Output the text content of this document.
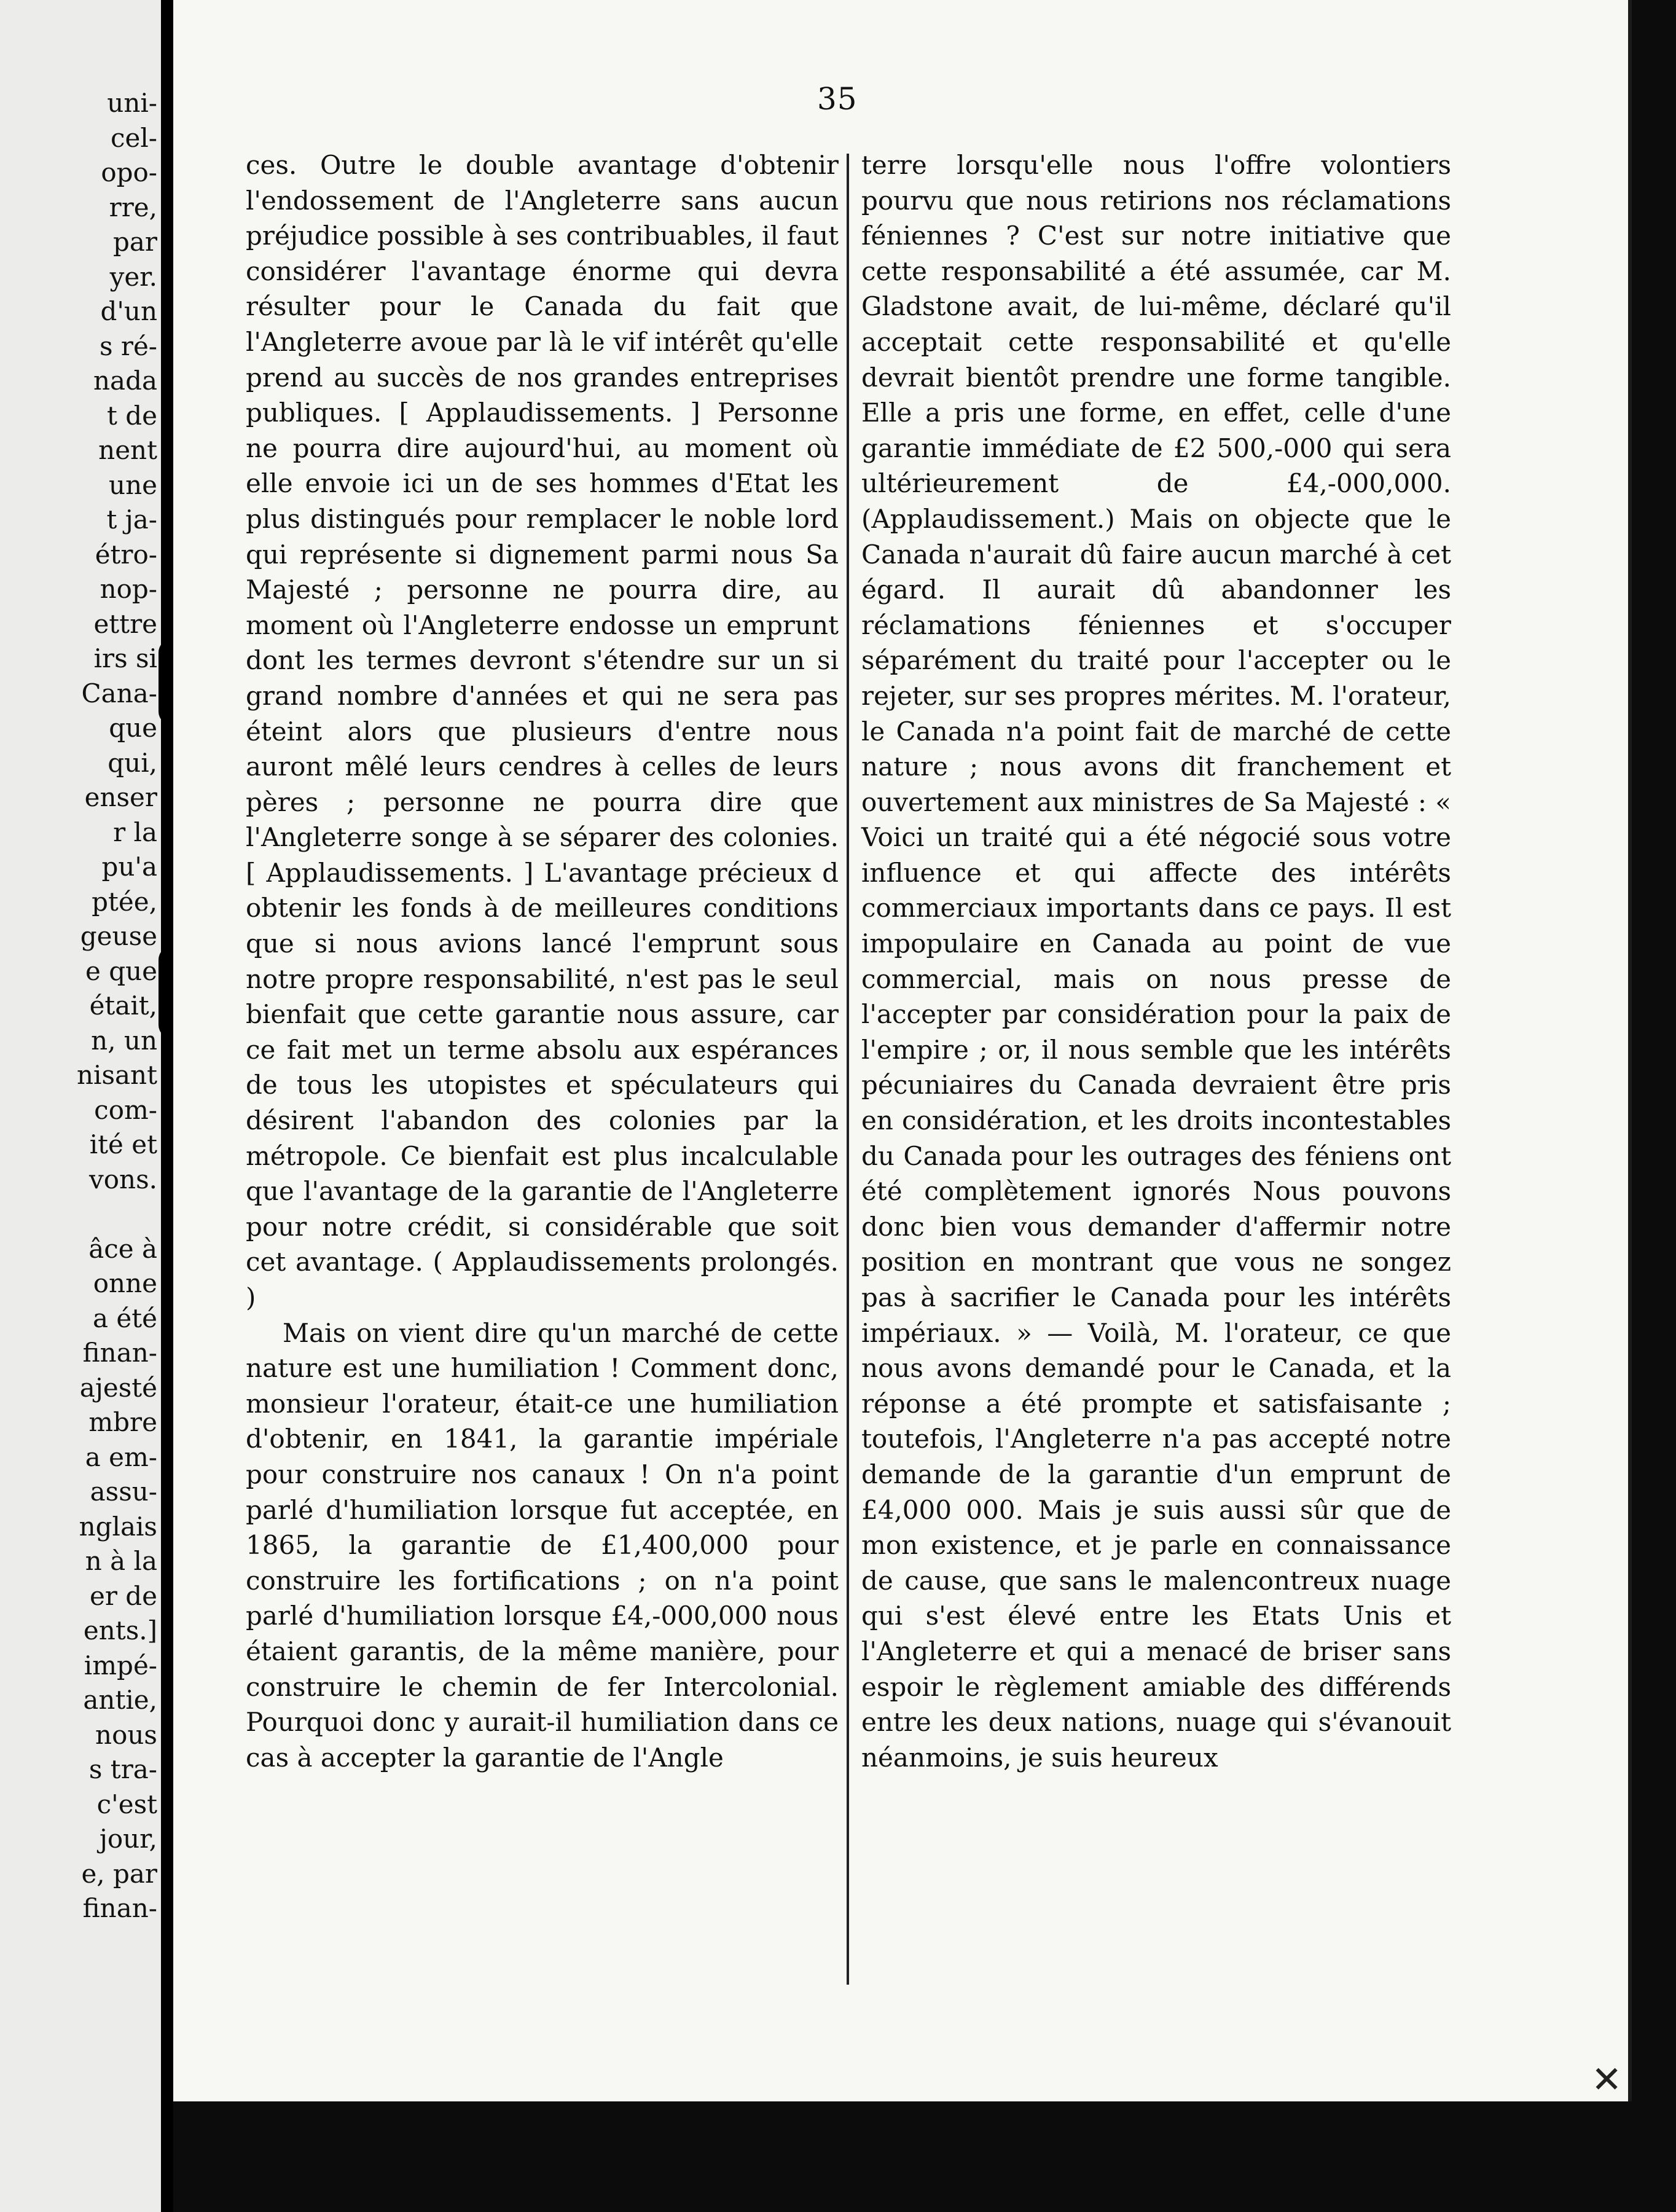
uni-
cel-
opo-
rre,
par
yer.
d'un
s ré-
nada
t de
nent
une
t ja-
étro-
nop-
ettre
irs si
Cana-
que
qui,
enser
r la
pu'a
ptée,
geuse
e que
était,
n, un
nisant
com-
ité et
vons.

âce à
onne
a été
finan-
ajesté
mbre
a em-
assu-
nglais
n à la
er de
ents.]
impé-
antie,
nous
s tra-
c'est
jour,
e, par
finan-
35

ces. Outre le double avantage d'obtenir l'endossement de l'Angleterre sans aucun préjudice possible à ses contribuables, il faut considérer l'avantage énorme qui devra résulter pour le Canada du fait que l'Angleterre avoue par là le vif intérêt qu'elle prend au succès de nos grandes entreprises publiques. [ Applaudissements. ] Personne ne pourra dire aujourd'hui, au moment où elle envoie ici un de ses hommes d'Etat les plus distingués pour remplacer le noble lord qui représente si dignement parmi nous Sa Majesté ; personne ne pourra dire, au moment où l'Angleterre endosse un emprunt dont les termes devront s'étendre sur un si grand nombre d'années et qui ne sera pas éteint alors que plusieurs d'entre nous auront mêlé leurs cendres à celles de leurs pères ; personne ne pourra dire que l'Angleterre songe à se séparer des colonies. [ Applaudissements. ] L'avantage précieux d obtenir les fonds à de meilleures conditions que si nous avions lancé l'emprunt sous notre propre responsabilité, n'est pas le seul bienfait que cette garantie nous assure, car ce fait met un terme absolu aux espérances de tous les utopistes et spéculateurs qui désirent l'abandon des colonies par la métropole. Ce bienfait est plus incalculable que l'avantage de la garantie de l'Angleterre pour notre crédit, si considérable que soit cet avantage. ( Applaudissements prolongés. )

Mais on vient dire qu'un marché de cette nature est une humiliation ! Comment donc, monsieur l'orateur, était-ce une humiliation d'obtenir, en 1841, la garantie impériale pour construire nos canaux ! On n'a point parlé d'humiliation lorsque fut acceptée, en 1865, la garantie de £1,400,000 pour construire les fortifications ; on n'a point parlé d'humiliation lorsque £4,-000,000 nous étaient garantis, de la même manière, pour construire le chemin de fer Intercolonial. Pourquoi donc y aurait-il humiliation dans ce cas à accepter la garantie de l'Angle

terre lorsqu'elle nous l'offre volontiers pourvu que nous retirions nos réclamations féniennes ? C'est sur notre initiative que cette responsabilité a été assumée, car M. Gladstone avait, de lui-même, déclaré qu'il acceptait cette responsabilité et qu'elle devrait bientôt prendre une forme tangible. Elle a pris une forme, en effet, celle d'une garantie immédiate de £2 500,-000 qui sera ultérieurement de £4,-000,000. (Applaudissement.) Mais on objecte que le Canada n'aurait dû faire aucun marché à cet égard. Il aurait dû abandonner les réclamations féniennes et s'occuper séparément du traité pour l'accepter ou le rejeter, sur ses propres mérites. M. l'orateur, le Canada n'a point fait de marché de cette nature ; nous avons dit franchement et ouvertement aux ministres de Sa Majesté : « Voici un traité qui a été négocié sous votre influence et qui affecte des intérêts commerciaux importants dans ce pays. Il est impopulaire en Canada au point de vue commercial, mais on nous presse de l'accepter par considération pour la paix de l'empire ; or, il nous semble que les intérêts pécuniaires du Canada devraient être pris en considération, et les droits incontestables du Canada pour les outrages des féniens ont été complètement ignorés Nous pouvons donc bien vous demander d'affermir notre position en montrant que vous ne songez pas à sacrifier le Canada pour les intérêts impériaux. » — Voilà, M. l'orateur, ce que nous avons demandé pour le Canada, et la réponse a été prompte et satisfaisante ; toutefois, l'Angleterre n'a pas accepté notre demande de la garantie d'un emprunt de £4,000 000. Mais je suis aussi sûr que de mon existence, et je parle en connaissance de cause, que sans le malencontreux nuage qui s'est élevé entre les Etats Unis et l'Angleterre et qui a menacé de briser sans espoir le règlement amiable des différends entre les deux nations, nuage qui s'évanouit néanmoins, je suis heureux

✕
